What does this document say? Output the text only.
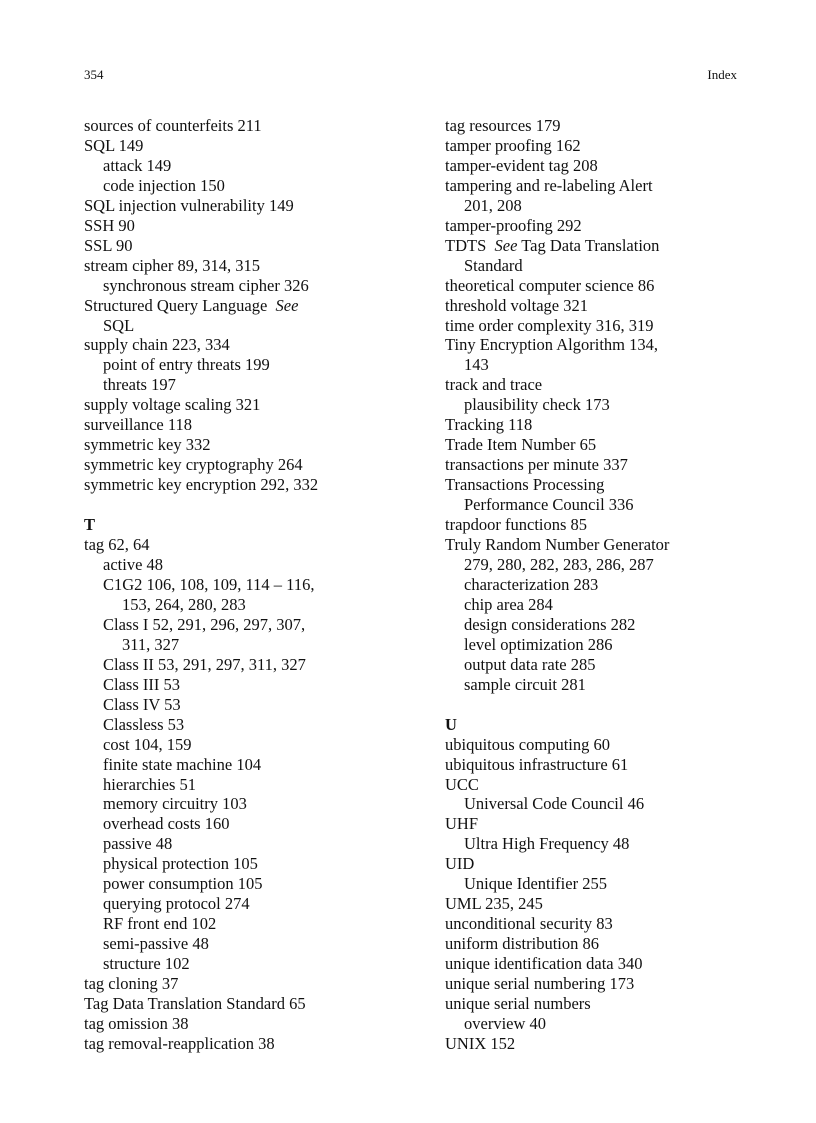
354	Index
sources of counterfeits 211
SQL 149
attack 149
code injection 150
SQL injection vulnerability 149
SSH 90
SSL 90
stream cipher 89, 314, 315
synchronous stream cipher 326
Structured Query Language See
SQL
supply chain 223, 334
point of entry threats 199
threats 197
supply voltage scaling 321
surveillance 118
symmetric key 332
symmetric key cryptography 264
symmetric key encryption 292, 332
T
tag 62, 64
active 48
C1G2 106, 108, 109, 114 – 116,
153, 264, 280, 283
Class I 52, 291, 296, 297, 307,
311, 327
Class II 53, 291, 297, 311, 327
Class III 53
Class IV 53
Classless 53
cost 104, 159
finite state machine 104
hierarchies 51
memory circuitry 103
overhead costs 160
passive 48
physical protection 105
power consumption 105
querying protocol 274
RF front end 102
semi-passive 48
structure 102
tag cloning 37
Tag Data Translation Standard 65
tag omission 38
tag removal-reapplication 38
tag resources 179
tamper proofing 162
tamper-evident tag 208
tampering and re-labeling Alert
201, 208
tamper-proofing 292
TDTS See Tag Data Translation
Standard
theoretical computer science 86
threshold voltage 321
time order complexity 316, 319
Tiny Encryption Algorithm 134,
143
track and trace
plausibility check 173
Tracking 118
Trade Item Number 65
transactions per minute 337
Transactions Processing
Performance Council 336
trapdoor functions 85
Truly Random Number Generator
279, 280, 282, 283, 286, 287
characterization 283
chip area 284
design considerations 282
level optimization 286
output data rate 285
sample circuit 281
U
ubiquitous computing 60
ubiquitous infrastructure 61
UCC
Universal Code Council 46
UHF
Ultra High Frequency 48
UID
Unique Identifier 255
UML 235, 245
unconditional security 83
uniform distribution 86
unique identification data 340
unique serial numbering 173
unique serial numbers
overview 40
UNIX 152
